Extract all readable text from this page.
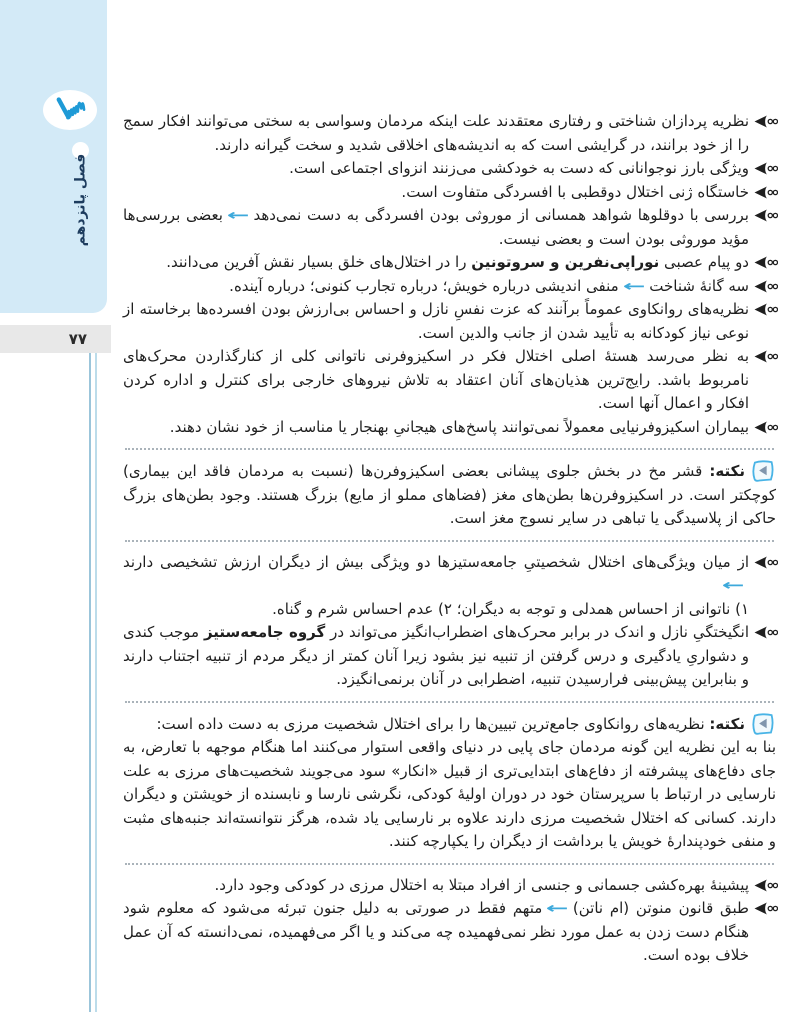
فصل پانزدهم
۷۷
نظریه پردازان شناختی و رفتاری معتقدند علت اینکه مردمان وسواسی به سختی می‌توانند افکار سمج را از خود برانند، در گرایشی است که به اندیشه‌های اخلاقی شدید و سخت گیرانه دارند.
ویژگی بارز نوجوانانی که دست به خودکشی می‌زنند انزوای اجتماعی است.
خاستگاه ژنی اختلال دوقطبی با افسردگی متفاوت است.
بررسی با دوقلوها شواهد همسانی از موروثی بودن افسردگی به دست نمی‌دهد←بعضی بررسی‌ها مؤید موروثی بودن است و بعضی نیست.
دو پیام عصبی نوراپی‌نفرین و سروتونین را در اختلال‌های خلق بسیار نقش آفرین می‌دانند.
سه گانهٔ شناخت←منفی اندیشی درباره خویش؛ درباره تجارب کنونی؛ درباره آینده.
نظریه‌های روانکاوی عموماً برآنند که عزت نفسِ نازل و احساس بی‌ارزش بودن افسرده‌ها برخاسته از نوعی نیاز کودکانه به تأیید شدن از جانب والدین است.
به نظر می‌رسد هستهٔ اصلی اختلال فکر در اسکیزوفرنی ناتوانی کلی از کنارگذاردن محرک‌های نامربوط باشد. رایج‌ترین هذیان‌های آنان اعتقاد به تلاش نیروهای خارجی برای کنترل و اداره کردن افکار و اعمال آنها است.
بیماران اسکیزوفرنیایی معمولاً نمی‌توانند پاسخ‌های هیجانیِ بهنجار یا مناسب از خود نشان دهند.
نکته: قشر مخ در بخش جلوی پیشانی بعضی اسکیزوفرن‌ها (نسبت به مردمان فاقد این بیماری) کوچکتر است. در اسکیزوفرن‌ها بطن‌های مغز (فضاهای مملو از مایع) بزرگ هستند. وجود بطن‌های بزرگ حاکی از پلاسیدگی یا تباهی در سایر نسوج مغز است.
از میان ویژگی‌های اختلال شخصیتیِ جامعه‌ستیزها دو ویژگی بیش از دیگران ارزش تشخیصی دارند←
۱) ناتوانی از احساس همدلی و توجه به دیگران؛ ۲) عدم احساس شرم و گناه.
انگیختگیِ نازل و اندک در برابر محرک‌های اضطراب‌انگیز می‌تواند در گروه جامعه‌ستیز موجب کندی و دشواریِ یادگیری و درس گرفتن از تنبیه نیز بشود زیرا آنان کمتر از دیگر مردم از تنبیه اجتناب دارند و بنابراین پیش‌بینی فرارسیدن تنبیه، اضطرابی در آنان برنمی‌انگیزد.
نکته: نظریه‌های روانکاوی جامع‌ترین تبیین‌ها را برای اختلال شخصیت مرزی به دست داده است:
بنا به این نظریه این گونه مردمان جای پایی در دنیای واقعی استوار می‌کنند اما هنگام موجهه با تعارض، به جای دفاع‌های پیشرفته از دفاع‌های ابتدایی‌تری از قبیل «انکار» سود می‌جویند شخصیت‌های مرزی به علت نارسایی در ارتباط با سرپرستان خود در دوران اولیهٔ کودکی، نگرشی نارسا و نابسنده از خویشتن و دیگران دارند. کسانی که اختلال شخصیت مرزی دارند علاوه بر نارسایی یاد شده، هرگز نتوانسته‌اند جنبه‌های مثبت و منفی خودپندارهٔ خویش یا برداشت از دیگران را یکپارچه کنند.
پیشینهٔ بهره‌کشی جسمانی و جنسی از افراد مبتلا به اختلال مرزی در کودکی وجود دارد.
طبق قانون منوتن (ام ناتن)←متهم فقط در صورتی به دلیل جنون تبرئه می‌شود که معلوم شود هنگام دست زدن به عمل مورد نظر نمی‌فهمیده چه می‌کند و یا اگر می‌فهمیده، نمی‌دانسته که آن عمل خلاف بوده است.
